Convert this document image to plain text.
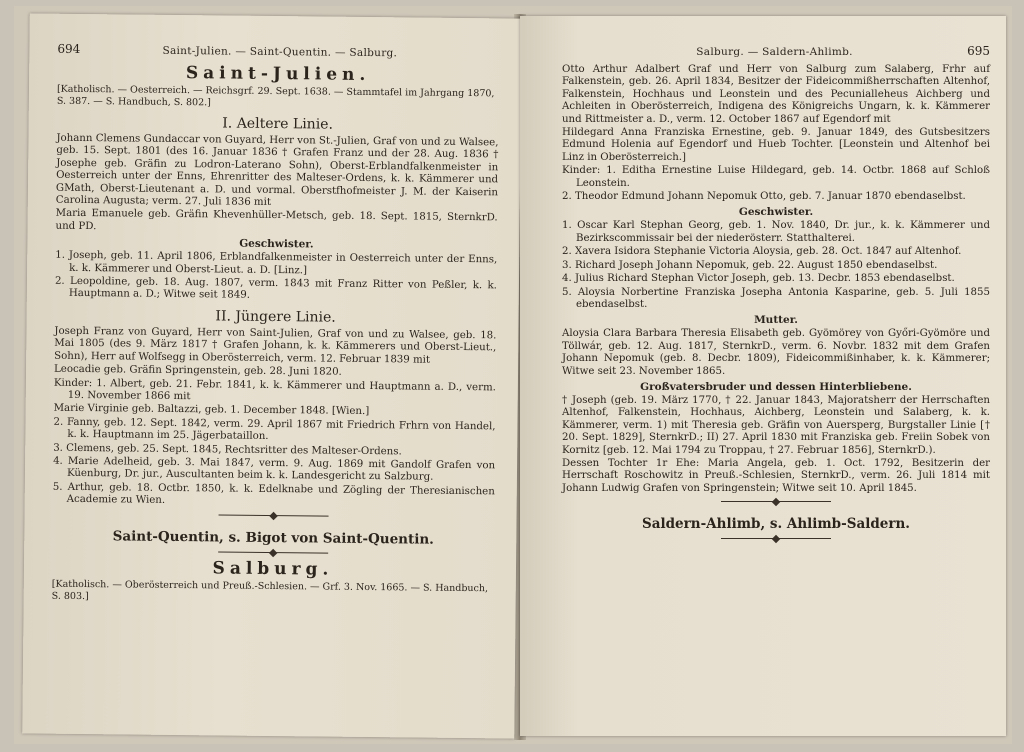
694	Saint-Julien. — Saint-Quentin. — Salburg.
Saint-Julien.

[Katholisch. — Oesterreich. — Reichsgrf. 29. Sept. 1638. — Stammtafel im Jahrgang 1870, S. 387. — S. Handbuch, S. 802.]

I. Aeltere Linie.

Johann Clemens Gundaccar von Guyard, Herr von St.-Julien, Graf von und zu Walsee, geb. 15. Sept. 1801 (des 16. Januar 1836 † Grafen Franz und der 28. Aug. 1836 † Josephe geb. Gräfin zu Lodron-Laterano Sohn), Oberst-Erblandfalkenmeister in Oesterreich unter der Enns, Ehrenritter des Malteser-Ordens, k. k. Kämmerer und GMath, Oberst-Lieutenant a. D. und vormal. Oberstfhofmeister J. M. der Kaiserin Carolina Augusta; verm. 27. Juli 1836 mit

Maria Emanuele geb. Gräfin Khevenhüller-Metsch, geb. 18. Sept. 1815, SternkrD. und PD.

Geschwister.

1. Joseph, geb. 11. April 1806, Erblandfalkenmeister in Oesterreich unter der Enns, k. k. Kämmerer und Oberst-Lieut. a. D. [Linz.]

2. Leopoldine, geb. 18. Aug. 1807, verm. 1843 mit Franz Ritter von Peßler, k. k. Hauptmann a. D.; Witwe seit 1849.

II. Jüngere Linie.

Joseph Franz von Guyard, Herr von Saint-Julien, Graf von und zu Walsee, geb. 18. Mai 1805 (des 9. März 1817 † Grafen Johann, k. k. Kämmerers und Oberst-Lieut., Sohn), Herr auf Wolfsegg in Oberösterreich, verm. 12. Februar 1839 mit

Leocadie geb. Gräfin Springenstein, geb. 28. Juni 1820.

Kinder: 1. Albert, geb. 21. Febr. 1841, k. k. Kämmerer und Hauptmann a. D., verm. 19. November 1866 mit

Marie Virginie geb. Baltazzi, geb. 1. December 1848. [Wien.]

2. Fanny, geb. 12. Sept. 1842, verm. 29. April 1867 mit Friedrich Frhrn von Handel, k. k. Hauptmann im 25. Jägerbataillon.

3. Clemens, geb. 25. Sept. 1845, Rechtsritter des Malteser-Ordens.

4. Marie Adelheid, geb. 3. Mai 1847, verm. 9. Aug. 1869 mit Gandolf Grafen von Küenburg, Dr. jur., Auscultanten beim k. k. Landesgericht zu Salzburg.

5. Arthur, geb. 18. Octbr. 1850, k. k. Edelknabe und Zögling der Theresianischen Academie zu Wien.

Saint-Quentin, s. Bigot von Saint-Quentin.
Salburg.

[Katholisch. — Oberösterreich und Preuß.-Schlesien. — Grf. 3. Nov. 1665. — S. Handbuch, S. 803.]

Salburg. — Saldern-Ahlimb.	695

Otto Arthur Adalbert Graf und Herr von Salburg zum Salaberg, Frhr auf Falkenstein, geb. 26. April 1834, Besitzer der Fideicommißherrschaften Altenhof, Falkenstein, Hochhaus und Leonstein und des Pecunialleheus Aichberg und Achleiten in Oberösterreich, Indigena des Königreichs Ungarn, k. k. Kämmerer und Rittmeister a. D., verm. 12. October 1867 auf Egendorf mit

Hildegard Anna Franziska Ernestine, geb. 9. Januar 1849, des Gutsbesitzers Edmund Holenia auf Egendorf und Hueb Tochter. [Leonstein und Altenhof bei Linz in Oberösterreich.]

Kinder: 1. Editha Ernestine Luise Hildegard, geb. 14. Octbr. 1868 auf Schloß Leonstein.

2. Theodor Edmund Johann Nepomuk Otto, geb. 7. Januar 1870 ebendaselbst.

Geschwister.

1. Oscar Karl Stephan Georg, geb. 1. Nov. 1840, Dr. jur., k. k. Kämmerer und Bezirkscommissair bei der niederösterr. Statthalterei.

2. Xavera Isidora Stephanie Victoria Aloysia, geb. 28. Oct. 1847 auf Altenhof.

3. Richard Joseph Johann Nepomuk, geb. 22. August 1850 ebendaselbst.

4. Julius Richard Stephan Victor Joseph, geb. 13. Decbr. 1853 ebendaselbst.

5. Aloysia Norbertine Franziska Josepha Antonia Kasparine, geb. 5. Juli 1855 ebendaselbst.

Mutter.

Aloysia Clara Barbara Theresia Elisabeth geb. Gyömörey von Győri-Gyömöre und Töllwár, geb. 12. Aug. 1817, SternkrD., verm. 6. Novbr. 1832 mit dem Grafen Johann Nepomuk (geb. 8. Decbr. 1809), Fideicommißinhaber, k. k. Kämmerer; Witwe seit 23. November 1865.

Großvatersbruder und dessen Hinterbliebene.

† Joseph (geb. 19. März 1770, † 22. Januar 1843, Majoratsherr der Herrschaften Altenhof, Falkenstein, Hochhaus, Aichberg, Leonstein und Salaberg, k. k. Kämmerer, verm. 1) mit Theresia geb. Gräfin von Auersperg, Burgstaller Linie [† 20. Sept. 1829], SternkrD.; II) 27. April 1830 mit Franziska geb. Freiin Sobek von Kornitz [geb. 12. Mai 1794 zu Troppau, † 27. Februar 1856], SternkrD.).

Dessen Tochter 1r Ehe: Maria Angela, geb. 1. Oct. 1792, Besitzerin der Herrschaft Roschowitz in Preuß.-Schlesien, SternkrD., verm. 26. Juli 1814 mit Johann Ludwig Grafen von Springenstein; Witwe seit 10. April 1845.

Saldern-Ahlimb, s. Ahlimb-Saldern.
